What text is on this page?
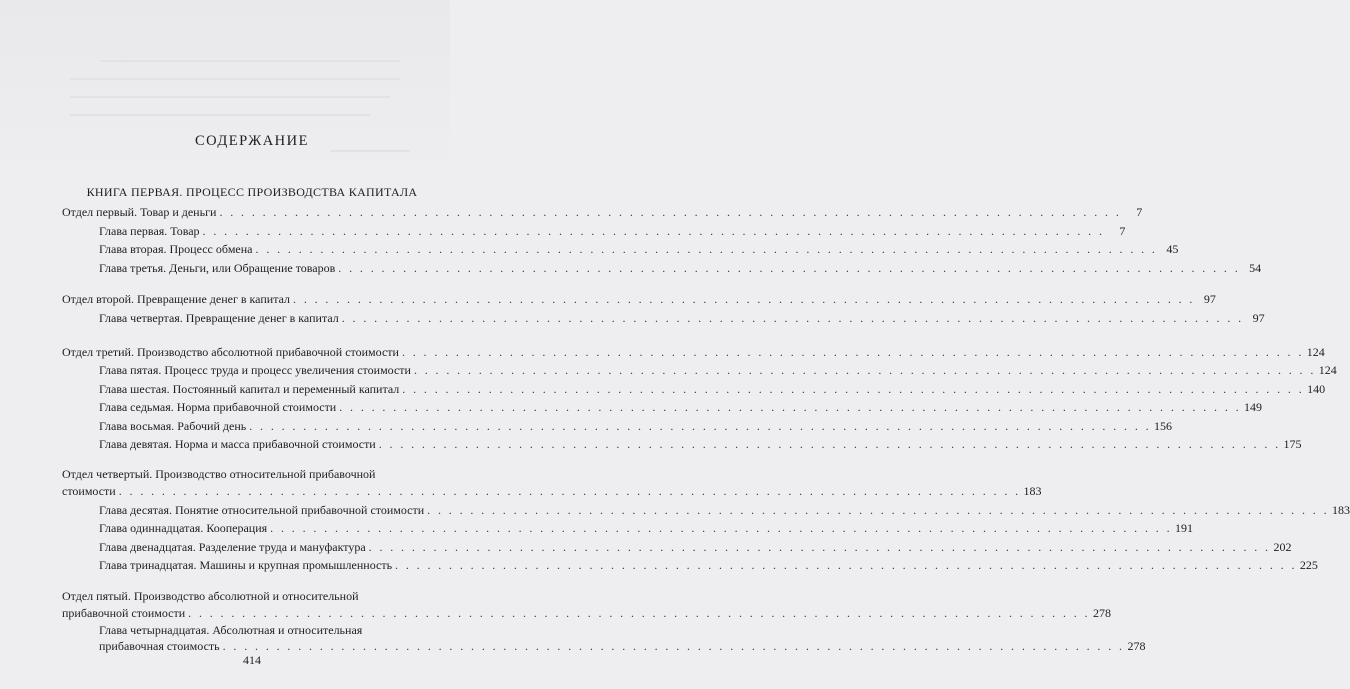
СОДЕРЖАНИЕ
КНИГА ПЕРВАЯ. ПРОЦЕСС ПРОИЗВОДСТВА КАПИТАЛА
Отдел первый. Товар и деньги . . .	7
Глава первая. Товар . . .	7
Глава вторая. Процесс обмена . . .	45
Глава третья. Деньги, или Обращение товаров . . .	54
Отдел второй. Превращение денег в капитал . . .	97
Глава четвертая. Превращение денег в капитал . . .	97
Отдел третий. Производство абсолютной прибавочной стоимости . . .	124
Глава пятая. Процесс труда и процесс увеличения стоимости . . .	124
Глава шестая. Постоянный капитал и переменный капитал . . .	140
Глава седьмая. Норма прибавочной стоимости . . .	149
Глава восьмая. Рабочий день . . .	156
Глава девятая. Норма и масса прибавочной стоимости . . .	175
Отдел четвертый. Производство относительной прибавочной
стоимости . . .	183
Глава десятая. Понятие относительной прибавочной стоимости . . .	183
Глава одиннадцатая. Кооперация . . .	191
Глава двенадцатая. Разделение труда и мануфактура . . .	202
Глава тринадцатая. Машины и крупная промышленность . . .	225
Отдел пятый. Производство абсолютной и относительной
прибавочной стоимости . . .	278
Глава четырнадцатая. Абсолютная и относительная
прибавочная стоимость . . .	278
414
